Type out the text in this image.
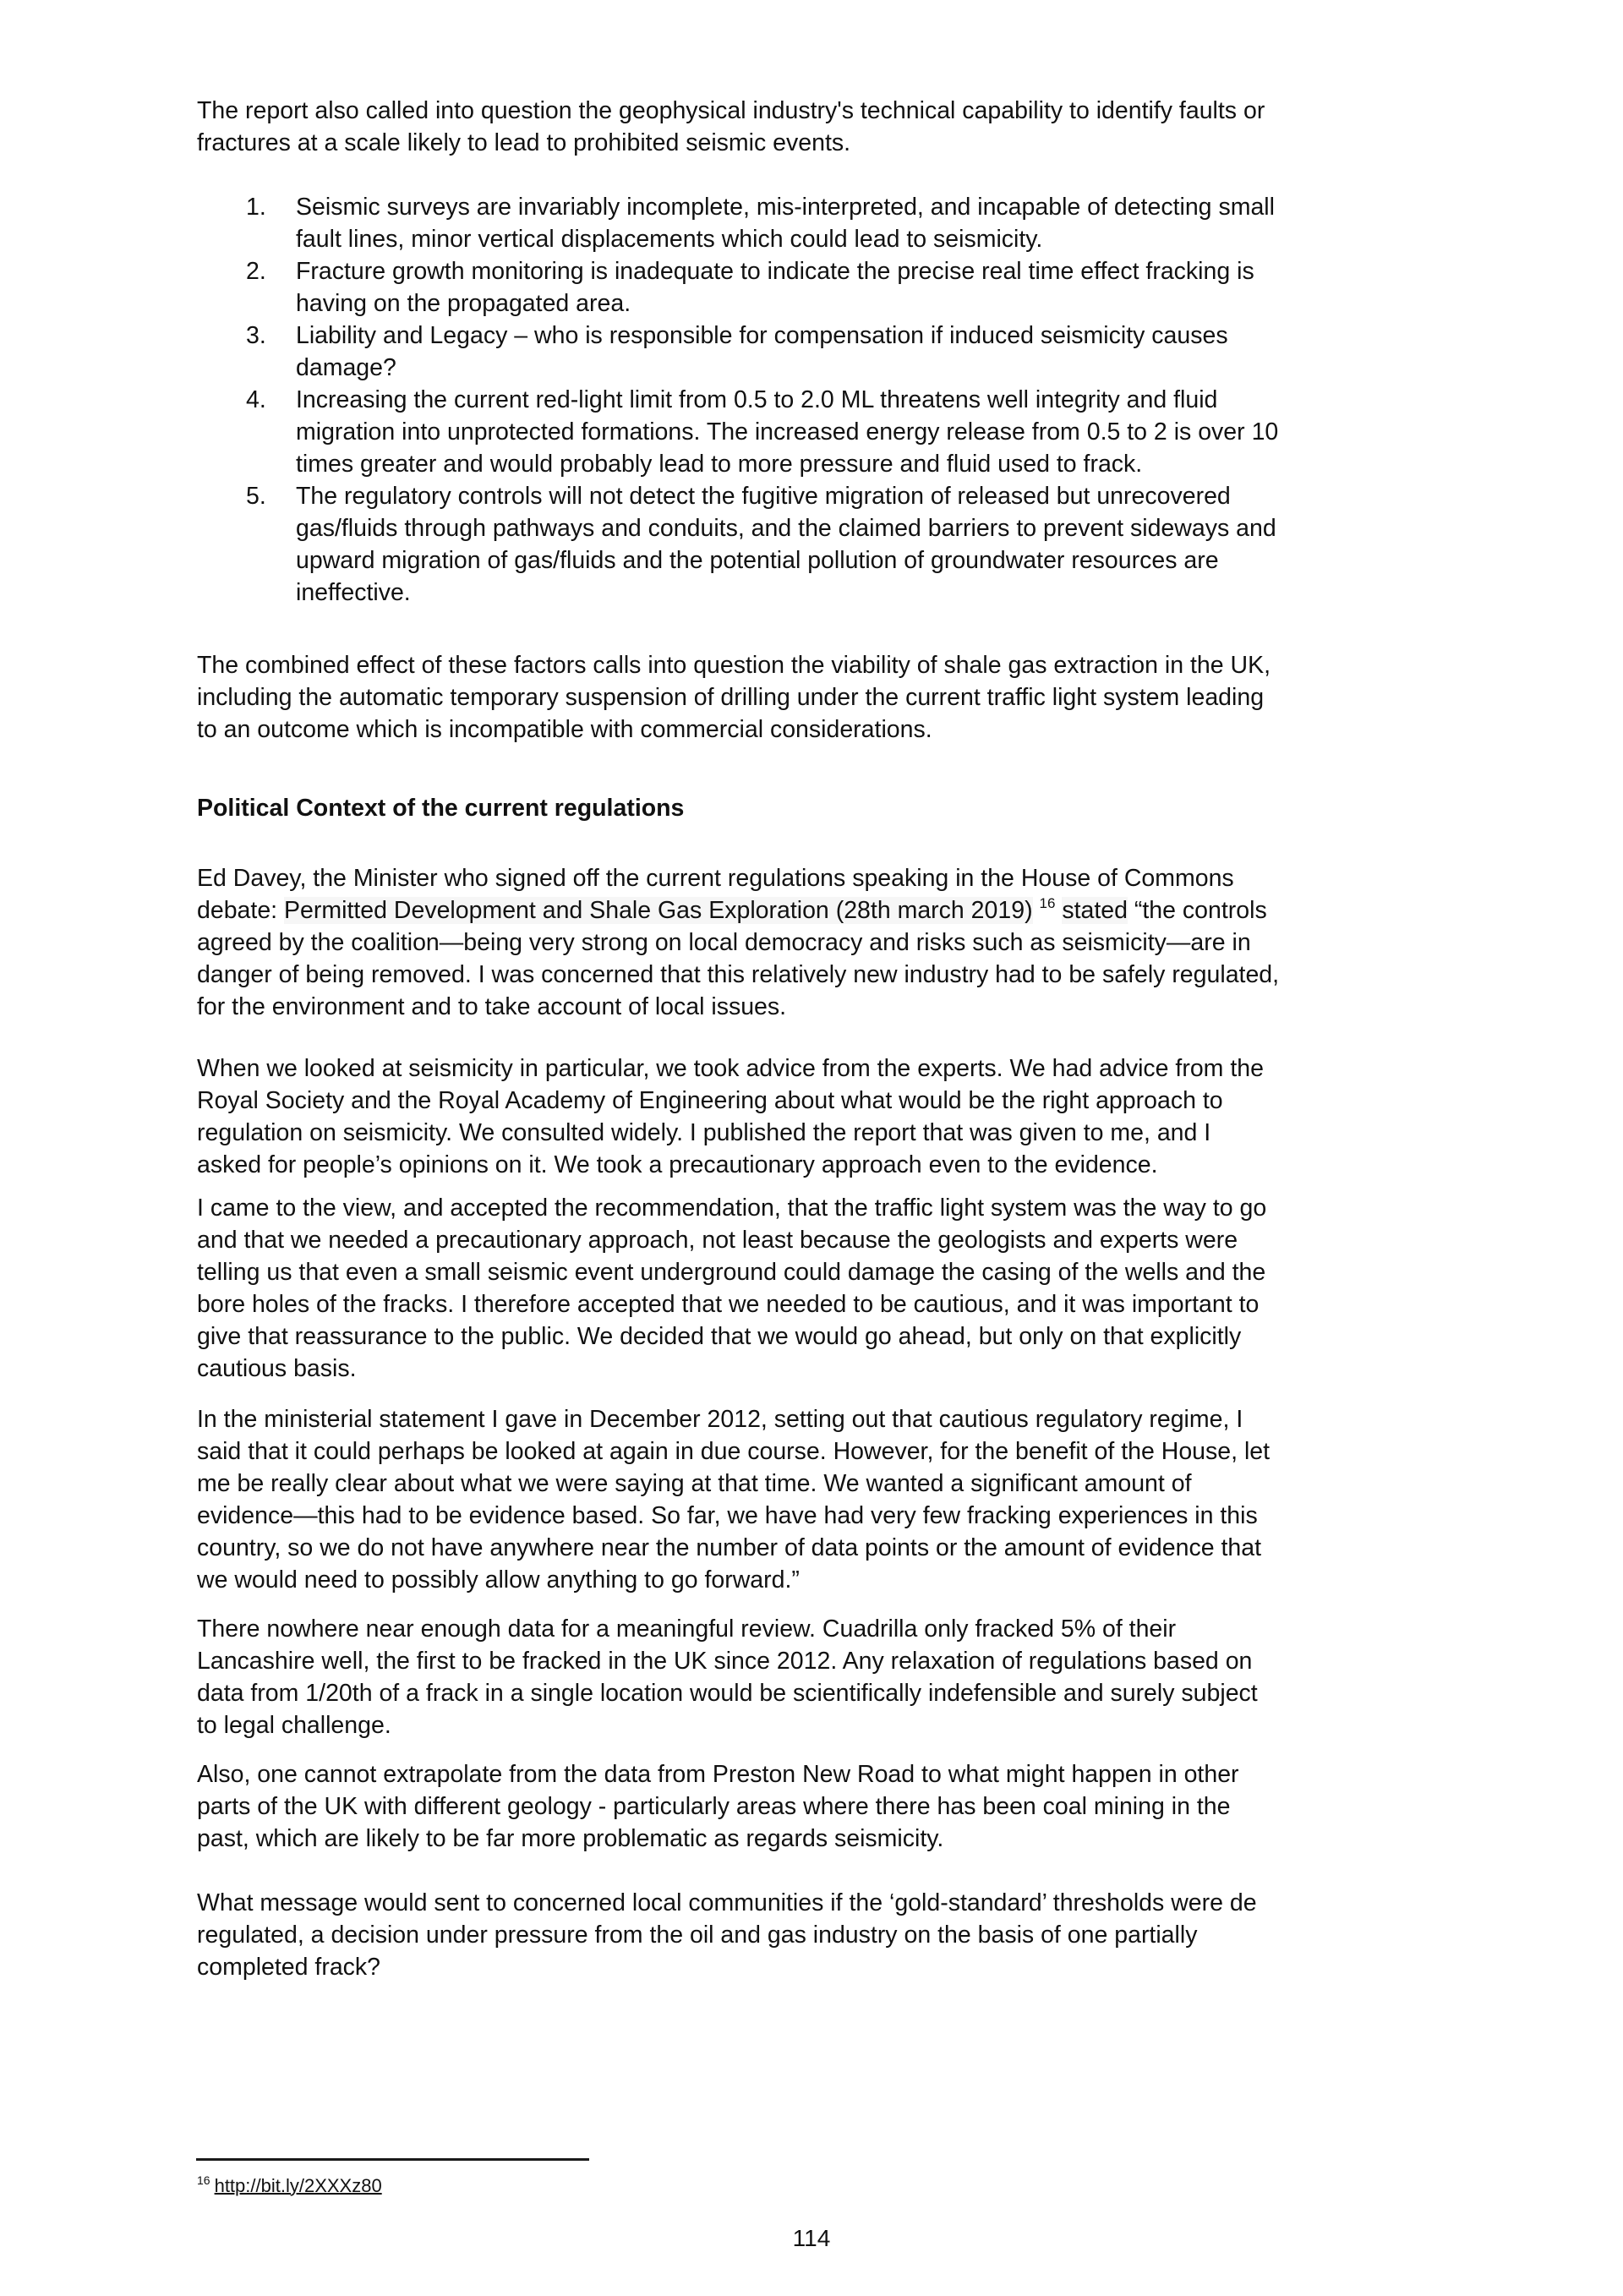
The report also called into question the geophysical industry's technical capability to identify faults or
fractures at a scale likely to lead to prohibited seismic events.
1. Seismic surveys are invariably incomplete, mis-interpreted, and incapable of detecting small
fault lines, minor vertical displacements which could lead to seismicity.
2. Fracture growth monitoring is inadequate to indicate the precise real time effect fracking is
having on the propagated area.
3. Liability and Legacy – who is responsible for compensation if induced seismicity causes
damage?
4. Increasing the current red-light limit from 0.5 to 2.0 ML threatens well integrity and fluid
migration into unprotected formations. The increased energy release from 0.5 to 2 is over 10
times greater and would probably lead to more pressure and fluid used to frack.
5. The regulatory controls will not detect the fugitive migration of released but unrecovered
gas/fluids through pathways and conduits, and the claimed barriers to prevent sideways and
upward migration of gas/fluids and the potential pollution of groundwater resources are
ineffective.
The combined effect of these factors calls into question the viability of shale gas extraction in the UK,
including the automatic temporary suspension of drilling under the current traffic light system leading
to an outcome which is incompatible with commercial considerations.
Political Context of the current regulations
Ed Davey, the Minister who signed off the current regulations speaking in the House of Commons
debate: Permitted Development and Shale Gas Exploration (28th march 2019) $^{16}$ stated “the controls
agreed by the coalition—being very strong on local democracy and risks such as seismicity—are in
danger of being removed. I was concerned that this relatively new industry had to be safely regulated,
for the environment and to take account of local issues.
When we looked at seismicity in particular, we took advice from the experts. We had advice from the
Royal Society and the Royal Academy of Engineering about what would be the right approach to
regulation on seismicity. We consulted widely. I published the report that was given to me, and I
asked for people’s opinions on it. We took a precautionary approach even to the evidence.
I came to the view, and accepted the recommendation, that the traffic light system was the way to go
and that we needed a precautionary approach, not least because the geologists and experts were
telling us that even a small seismic event underground could damage the casing of the wells and the
bore holes of the fracks. I therefore accepted that we needed to be cautious, and it was important to
give that reassurance to the public. We decided that we would go ahead, but only on that explicitly
cautious basis.
In the ministerial statement I gave in December 2012, setting out that cautious regulatory regime, I
said that it could perhaps be looked at again in due course. However, for the benefit of the House, let
me be really clear about what we were saying at that time. We wanted a significant amount of
evidence—this had to be evidence based. So far, we have had very few fracking experiences in this
country, so we do not have anywhere near the number of data points or the amount of evidence that
we would need to possibly allow anything to go forward.”
There nowhere near enough data for a meaningful review. Cuadrilla only fracked 5% of their
Lancashire well, the first to be fracked in the UK since 2012. Any relaxation of regulations based on
data from 1/20th of a frack in a single location would be scientifically indefensible and surely subject
to legal challenge.
Also, one cannot extrapolate from the data from Preston New Road to what might happen in other
parts of the UK with different geology - particularly areas where there has been coal mining in the
past, which are likely to be far more problematic as regards seismicity.
What message would sent to concerned local communities if the ‘gold-standard’ thresholds were de
regulated, a decision under pressure from the oil and gas industry on the basis of one partially
completed frack?
$^{16}$ http://bit.ly/2XXXz80
114
